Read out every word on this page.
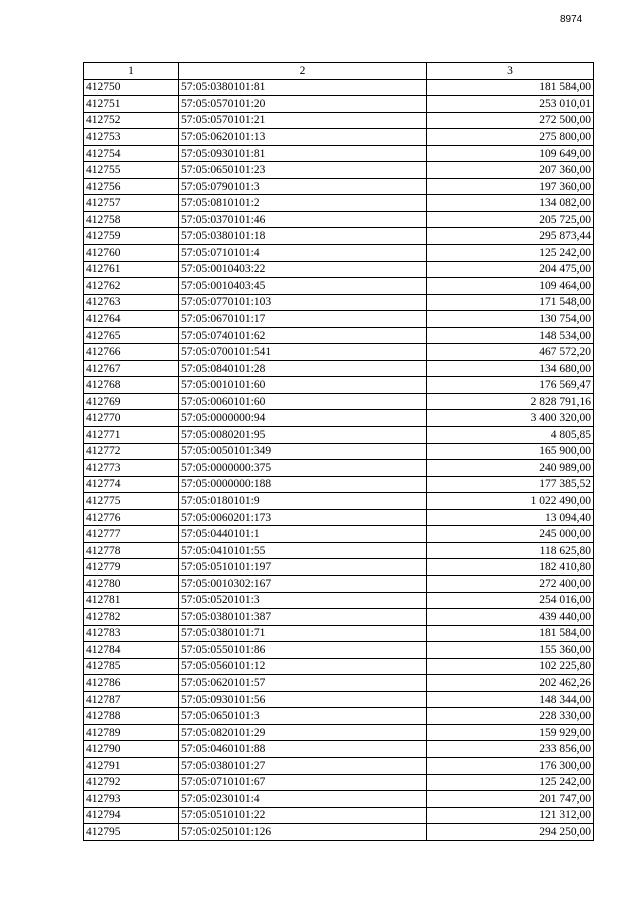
8974
1	2	3
412750	57:05:0380101:81	181 584,00
412751	57:05:0570101:20	253 010,01
412752	57:05:0570101:21	272 500,00
412753	57:05:0620101:13	275 800,00
412754	57:05:0930101:81	109 649,00
412755	57:05:0650101:23	207 360,00
412756	57:05:0790101:3	197 360,00
412757	57:05:0810101:2	134 082,00
412758	57:05:0370101:46	205 725,00
412759	57:05:0380101:18	295 873,44
412760	57:05:0710101:4	125 242,00
412761	57:05:0010403:22	204 475,00
412762	57:05:0010403:45	109 464,00
412763	57:05:0770101:103	171 548,00
412764	57:05:0670101:17	130 754,00
412765	57:05:0740101:62	148 534,00
412766	57:05:0700101:541	467 572,20
412767	57:05:0840101:28	134 680,00
412768	57:05:0010101:60	176 569,47
412769	57:05:0060101:60	2 828 791,16
412770	57:05:0000000:94	3 400 320,00
412771	57:05:0080201:95	4 805,85
412772	57:05:0050101:349	165 900,00
412773	57:05:0000000:375	240 989,00
412774	57:05:0000000:188	177 385,52
412775	57:05:0180101:9	1 022 490,00
412776	57:05:0060201:173	13 094,40
412777	57:05:0440101:1	245 000,00
412778	57:05:0410101:55	118 625,80
412779	57:05:0510101:197	182 410,80
412780	57:05:0010302:167	272 400,00
412781	57:05:0520101:3	254 016,00
412782	57:05:0380101:387	439 440,00
412783	57:05:0380101:71	181 584,00
412784	57:05:0550101:86	155 360,00
412785	57:05:0560101:12	102 225,80
412786	57:05:0620101:57	202 462,26
412787	57:05:0930101:56	148 344,00
412788	57:05:0650101:3	228 330,00
412789	57:05:0820101:29	159 929,00
412790	57:05:0460101:88	233 856,00
412791	57:05:0380101:27	176 300,00
412792	57:05:0710101:67	125 242,00
412793	57:05:0230101:4	201 747,00
412794	57:05:0510101:22	121 312,00
412795	57:05:0250101:126	294 250,00
